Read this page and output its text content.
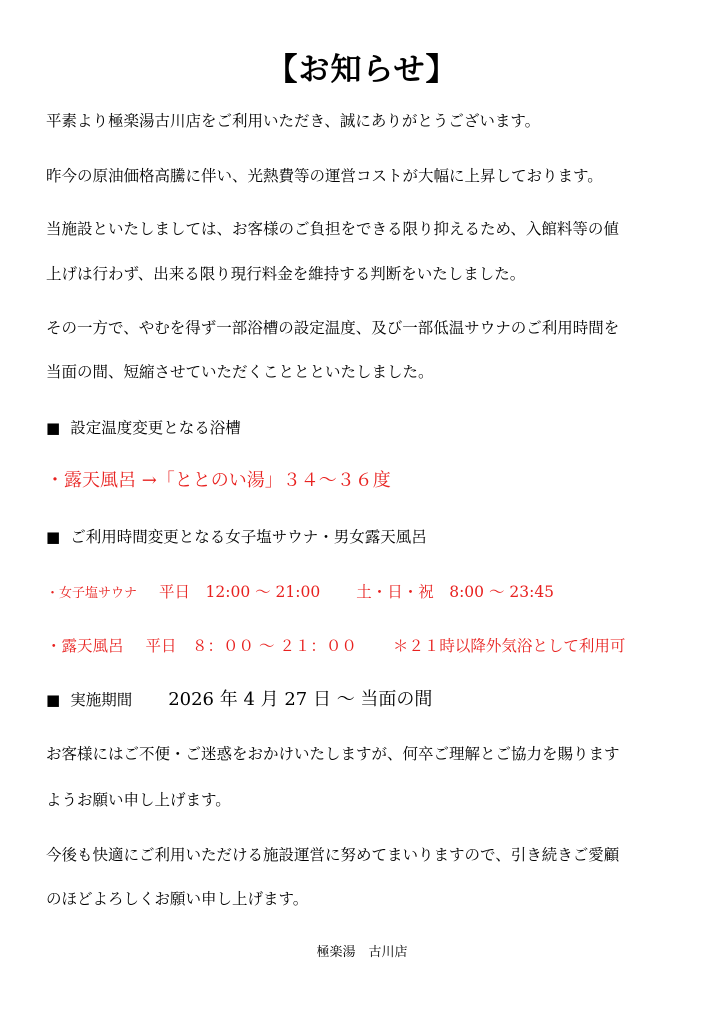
【お知らせ】
平素より極楽湯古川店をご利用いただき、誠にありがとうございます。
昨今の原油価格高騰に伴い、光熱費等の運営コストが大幅に上昇しております。
当施設といたしましては、お客様のご負担をできる限り抑えるため、入館料等の値
上げは行わず、出来る限り現行料金を維持する判断をいたしました。
その一方で、やむを得ず一部浴槽の設定温度、及び一部低温サウナのご利用時間を
当面の間、短縮させていただくこととといたしました。
■ 設定温度変更となる浴槽
・露天風呂 →「ととのい湯」３４〜３６度
■ ご利用時間変更となる女子塩サウナ・男女露天風呂
・女子塩サウナ 平日　12:00 〜 21:00 土・日・祝　8:00 〜 23:45
・露天風呂 平日　８：００ 〜 ２１：００ ＊２１時以降外気浴として利用可
■ 実施期間 2026 年 4 月 27 日 〜 当面の間
お客様にはご不便・ご迷惑をおかけいたしますが、何卒ご理解とご協力を賜ります
ようお願い申し上げます。
今後も快適にご利用いただける施設運営に努めてまいりますので、引き続きご愛顧
のほどよろしくお願い申し上げます。
極楽湯　古川店
